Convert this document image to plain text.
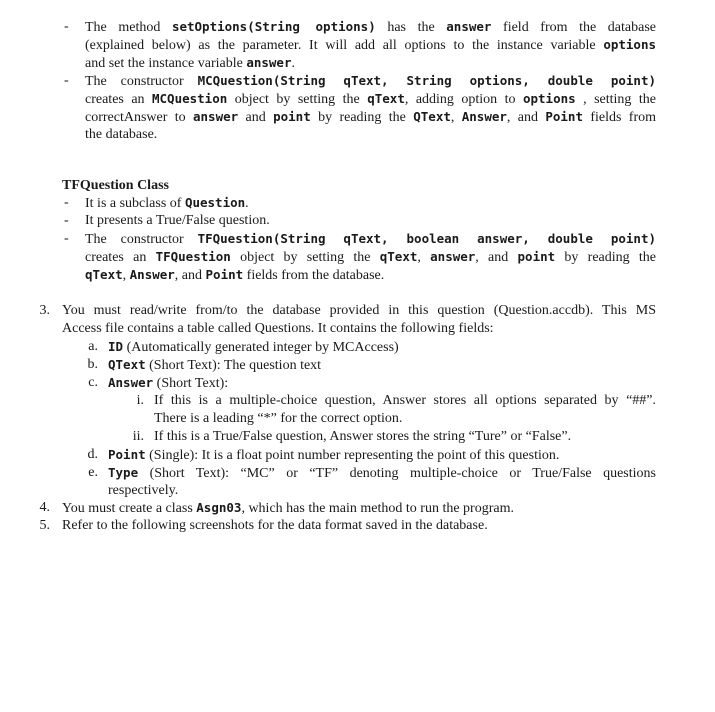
- The method setOptions(String options) has the answer field from the database
(explained below) as the parameter. It will add all options to the instance variable options
and set the instance variable answer.
- The constructor MCQuestion(String qText, String options, double point)
creates an MCQuestion object by setting the qText, adding option to options , setting the
correctAnswer to answer and point by reading the QText, Answer, and Point fields from
the database.
TFQuestion Class
- It is a subclass of Question.
- It presents a True/False question.
- The constructor TFQuestion(String qText, boolean answer, double point)
creates an TFQuestion object by setting the qText, answer, and point by reading the
qText, Answer, and Point fields from the database.
3. You must read/write from/to the database provided in this question (Question.accdb). This MS
Access file contains a table called Questions. It contains the following fields:
a. ID (Automatically generated integer by MCAccess)
b. QText (Short Text): The question text
c. Answer (Short Text):
i. If this is a multiple-choice question, Answer stores all options separated by “##”.
There is a leading “*” for the correct option.
ii. If this is a True/False question, Answer stores the string “Ture” or “False”.
d. Point (Single): It is a float point number representing the point of this question.
e. Type (Short Text): “MC” or “TF” denoting multiple-choice or True/False questions
respectively.
4. You must create a class Asgn03, which has the main method to run the program.
5. Refer to the following screenshots for the data format saved in the database.
